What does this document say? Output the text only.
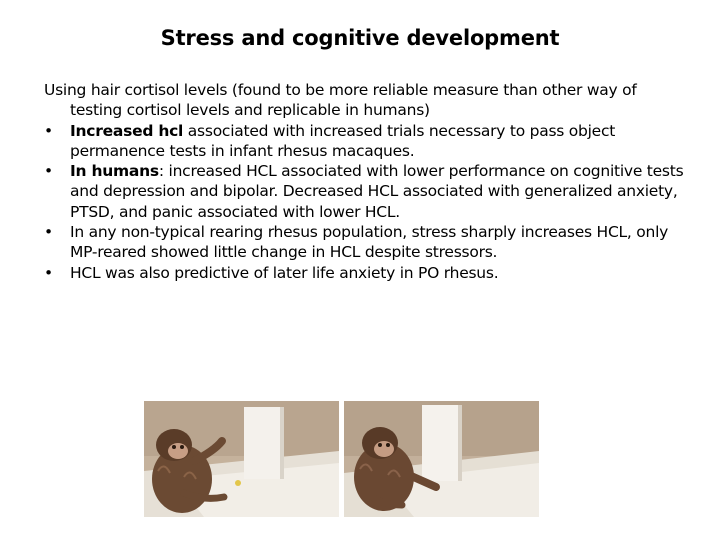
Stress and cognitive development

Using hair cortisol levels (found to be more reliable measure than other way of testing cortisol levels and replicable in humans)

•	Increased hcl associated with increased trials necessary to pass object permanence tests in infant rhesus macaques.
•	In humans: increased HCL associated with lower performance on cognitive tests and depression and bipolar. Decreased HCL associated with generalized anxiety, PTSD, and panic associated with lower HCL.
•	In any non-typical rearing rhesus population, stress sharply increases HCL, only MP-reared showed little change in HCL despite stressors.
•	HCL was also predictive of later life anxiety in PO rhesus.
